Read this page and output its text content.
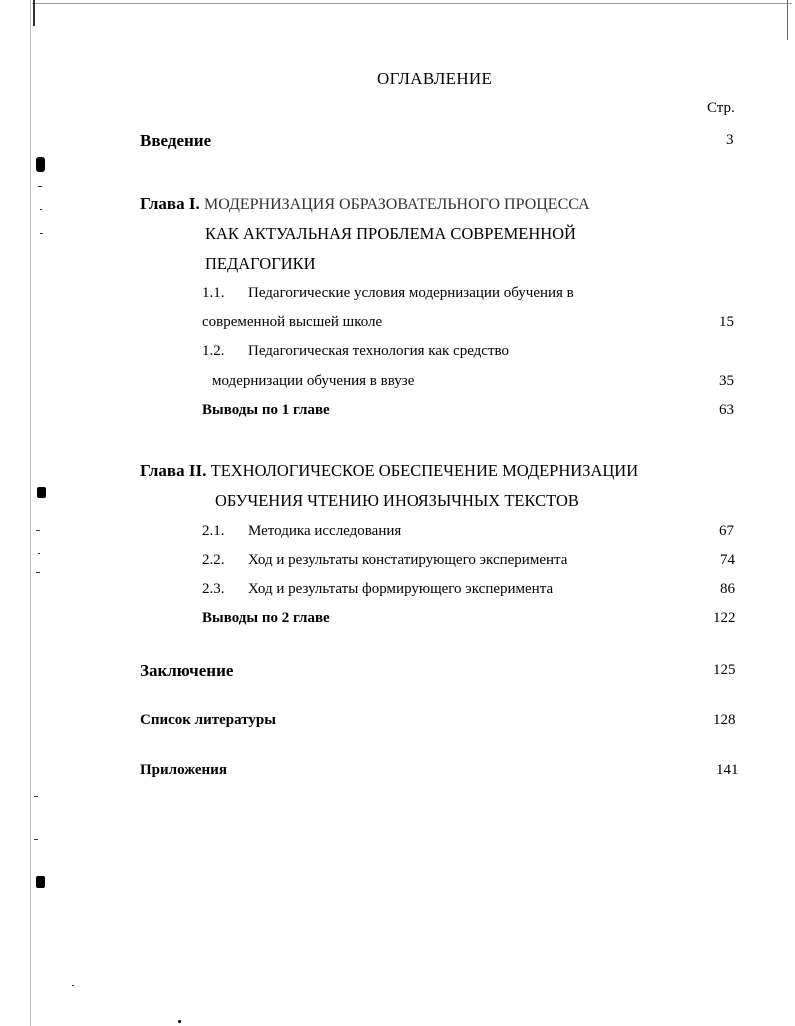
ОГЛАВЛЕНИЕ
Стр.
Введение	3
Глава I. МОДЕРНИЗАЦИЯ ОБРАЗОВАТЕЛЬНОГО ПРОЦЕССА
КАК АКТУАЛЬНАЯ ПРОБЛЕМА СОВРЕМЕННОЙ
ПЕДАГОГИКИ
1.1. Педагогические условия модернизации обучения в
современной высшей школе	15
1.2. Педагогическая технология как средство
модернизации обучения в ввузе	35
Выводы по 1 главе	63
Глава II. ТЕХНОЛОГИЧЕСКОЕ ОБЕСПЕЧЕНИЕ МОДЕРНИЗАЦИИ
ОБУЧЕНИЯ ЧТЕНИЮ ИНОЯЗЫЧНЫХ ТЕКСТОВ
2.1. Методика исследования	67
2.2. Ход и результаты констатирующего эксперимента	74
2.3. Ход и результаты формирующего эксперимента	86
Выводы по 2 главе	122
Заключение	125
Список литературы	128
Приложения	141
